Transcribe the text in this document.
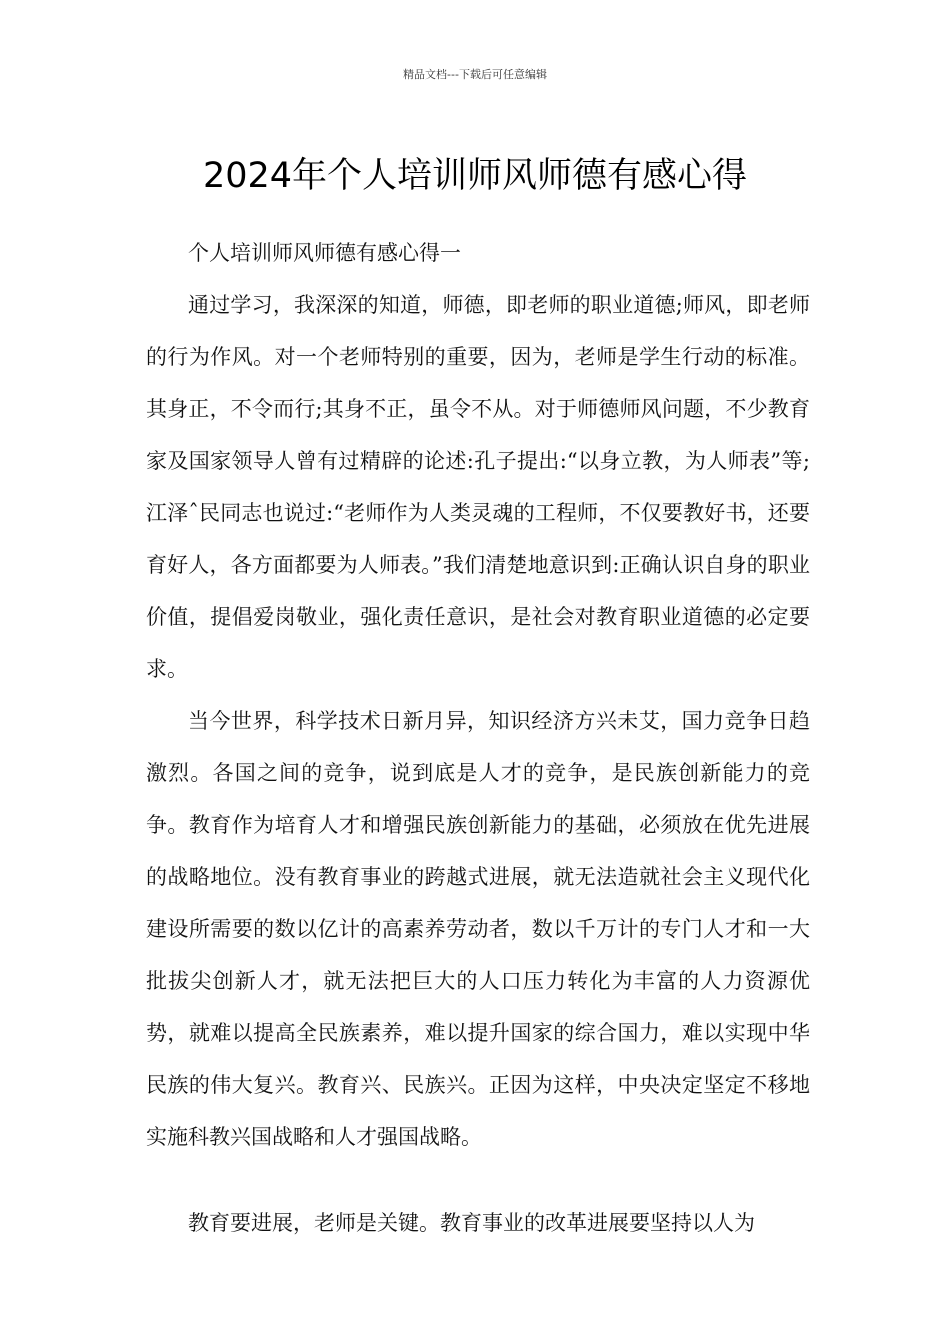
精品文档---下载后可任意编辑
2024年个人培训师风师德有感心得

个人培训师风师德有感心得一

通过学习，我深深的知道，师德，即老师的职业道德;师风，即老师的行为作风。对一个老师特别的重要，因为，老师是学生行动的标准。其身正，不令而行;其身不正，虽令不从。对于师德师风问题，不少教育家及国家领导人曾有过精辟的论述:孔子提出:“以身立教，为人师表”等;江泽ˆ民同志也说过:“老师作为人类灵魂的工程师，不仅要教好书，还要育好人，各方面都要为人师表。”我们清楚地意识到:正确认识自身的职业价值，提倡爱岗敬业，强化责任意识，是社会对教育职业道德的必定要求。

当今世界，科学技术日新月异，知识经济方兴未艾，国力竞争日趋激烈。各国之间的竞争，说到底是人才的竞争，是民族创新能力的竞争。教育作为培育人才和增强民族创新能力的基础，必须放在优先进展的战略地位。没有教育事业的跨越式进展，就无法造就社会主义现代化建设所需要的数以亿计的高素养劳动者，数以千万计的专门人才和一大批拔尖创新人才，就无法把巨大的人口压力转化为丰富的人力资源优势，就难以提高全民族素养，难以提升国家的综合国力，难以实现中华民族的伟大复兴。教育兴、民族兴。正因为这样，中央决定坚定不移地实施科教兴国战略和人才强国战略。

教育要进展，老师是关键。教育事业的改革进展要坚持以人为
